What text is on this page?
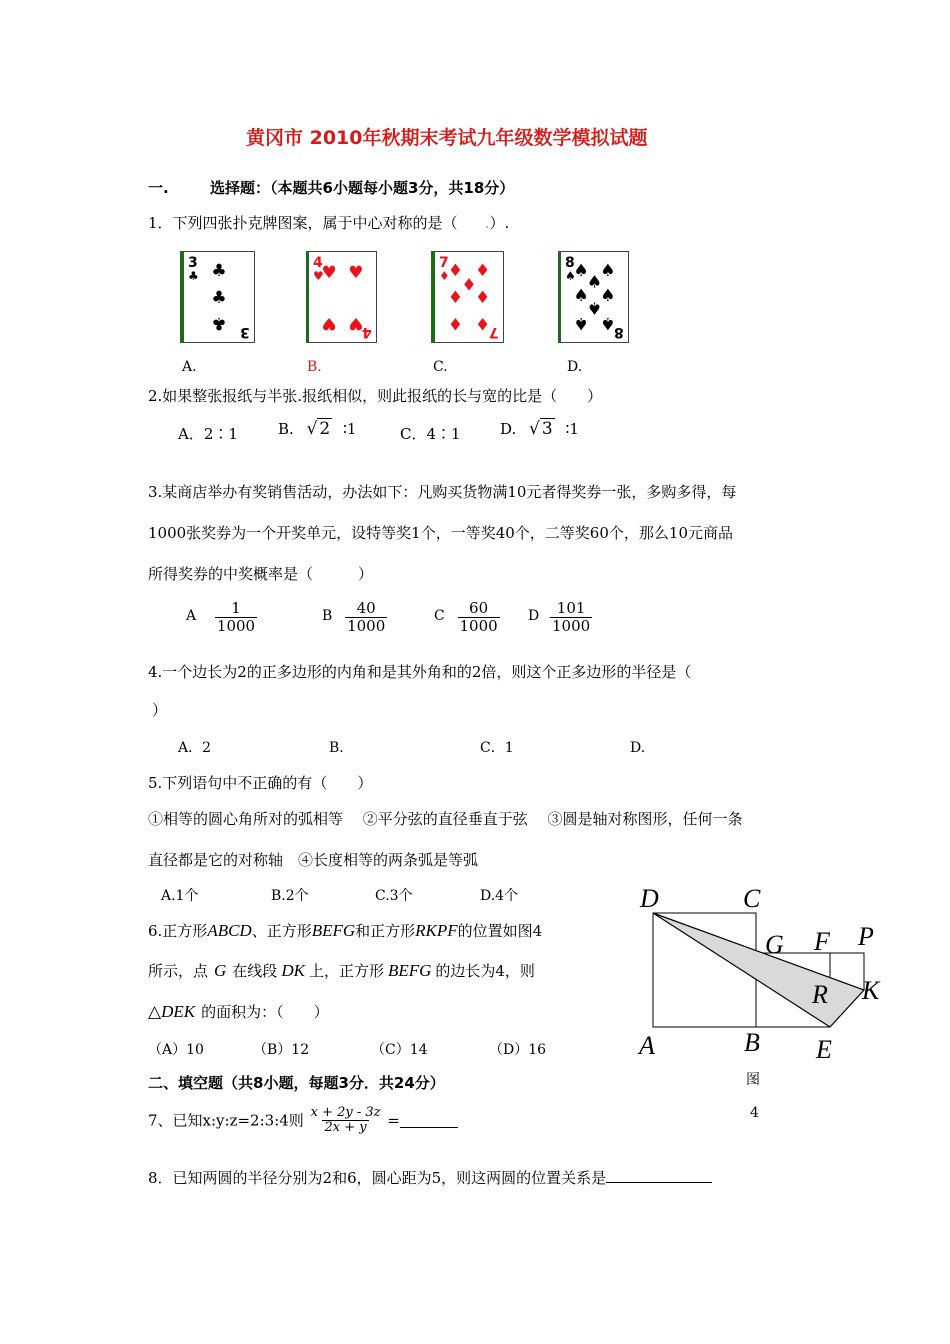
黄冈市 2010年秋期末考试九年级数学模拟试题
一.	选择题：（本题共6小题每小题3分，共18分）
1．下列四张扑克牌图案，属于中心对称的是（ .）.
3
♣
3
♣
♣
♣
4
♥
4
♥ ♥
♥ ♥
7
♦
7
♦ ♦
♦
♦ ♦
♦ ♦
8
♠
8
♠ ♠
♠
♠ ♠
♠
♠ ♠
A.	B.	C.	D.
2.如果整张报纸与半张.报纸相似，则此报纸的长与宽的比是（　　）
A．2∶1	B. √ 2 ∶1	C．4∶1	D. √ 3 ∶1
3.某商店举办有奖销售活动，办法如下：凡购买货物满10元者得奖券一张，多购多得，每
1000张奖券为一个开奖单元，设特等奖1个，一等奖40个，二等奖60个，那么10元商品
所得奖券的中奖概率是（　　　）
A $\frac{1}{1000}$	B $\frac{40}{1000}$	C $\frac{60}{1000}$ D $\frac{101}{1000}$
4.一个边长为2的正多边形的内角和是其外角和的2倍，则这个正多边形的半径是（
）
A．2	B.	C．1	D.
5.下列语句中不正确的有（　　）
①相等的圆心角所对的弧相等　 ②平分弦的直径垂直于弦　 ③圆是轴对称图形，任何一条
直径都是它的对称轴　④长度相等的两条弧是等弧
A.1个	B.2个	C.3个	D.4个
6.正方形ABCD、正方形BEFG和正方形RKPF的位置如图4
所示，点 G 在线段 DK 上，正方形 BEFG 的边长为4，则
△DEK 的面积为：（　　）
（A）10	（B）12	（C）14	（D）16
D	C
G F P
R K
A	B E
图
4
二、填空题（共8小题，每题3分．共24分）
7、已知x:y:z=2:3:4则 $\frac{x + 2y - 3z}{2x + y}$ =
8．已知两圆的半径分别为2和6，圆心距为5，则这两圆的位置关系是
